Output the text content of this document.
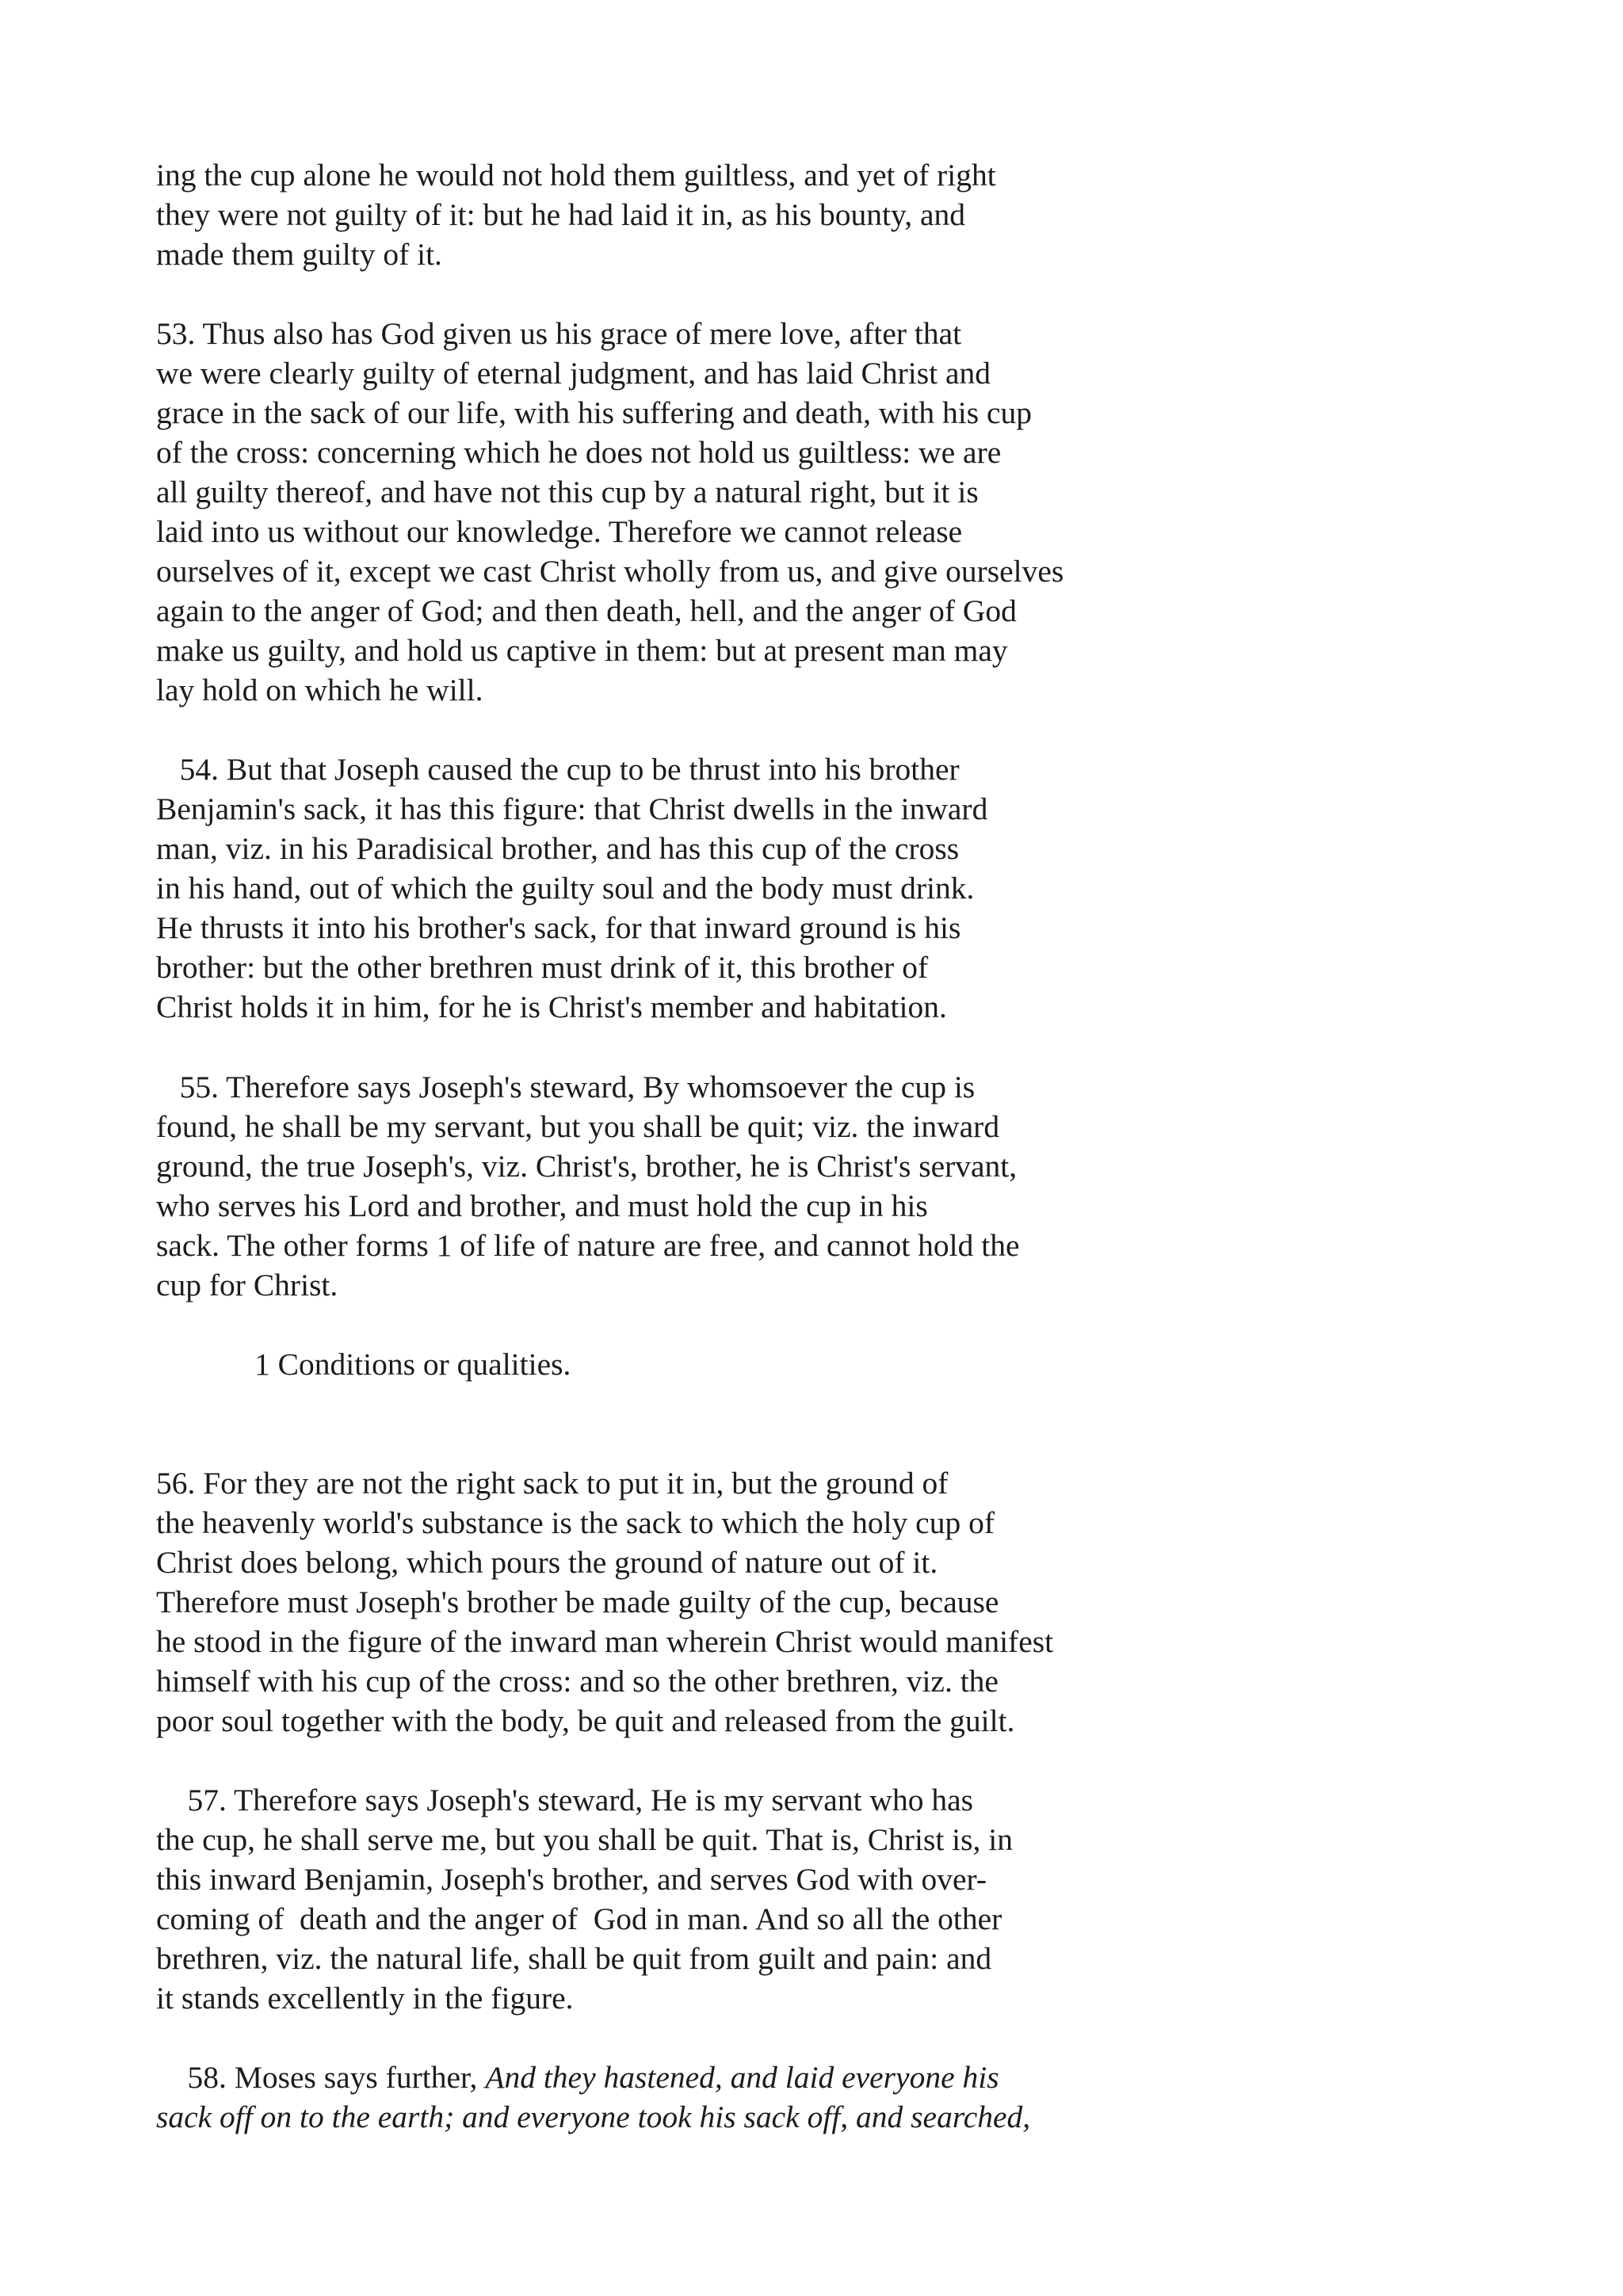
ing the cup alone he would not hold them guiltless, and yet of right
they were not guilty of it: but he had laid it in, as his bounty, and
made them guilty of it.
53. Thus also has God given us his grace of mere love, after that
we were clearly guilty of eternal judgment, and has laid Christ and
grace in the sack of our life, with his suffering and death, with his cup
of the cross: concerning which he does not hold us guiltless: we are
all guilty thereof, and have not this cup by a natural right, but it is
laid into us without our knowledge. Therefore we cannot release
ourselves of it, except we cast Christ wholly from us, and give ourselves
again to the anger of God; and then death, hell, and the anger of God
make us guilty, and hold us captive in them: but at present man may
lay hold on which he will.
54. But that Joseph caused the cup to be thrust into his brother
Benjamin's sack, it has this figure: that Christ dwells in the inward
man, viz. in his Paradisical brother, and has this cup of the cross
in his hand, out of which the guilty soul and the body must drink.
He thrusts it into his brother's sack, for that inward ground is his
brother: but the other brethren must drink of it, this brother of
Christ holds it in him, for he is Christ's member and habitation.
55. Therefore says Joseph's steward, By whomsoever the cup is
found, he shall be my servant, but you shall be quit; viz. the inward
ground, the true Joseph's, viz. Christ's, brother, he is Christ's servant,
who serves his Lord and brother, and must hold the cup in his
sack. The other forms 1 of life of nature are free, and cannot hold the
cup for Christ.
1 Conditions or qualities.
56. For they are not the right sack to put it in, but the ground of
the heavenly world's substance is the sack to which the holy cup of
Christ does belong, which pours the ground of nature out of it.
Therefore must Joseph's brother be made guilty of the cup, because
he stood in the figure of the inward man wherein Christ would manifest
himself with his cup of the cross: and so the other brethren, viz. the
poor soul together with the body, be quit and released from the guilt.
57. Therefore says Joseph's steward, He is my servant who has
the cup, he shall serve me, but you shall be quit. That is, Christ is, in
this inward Benjamin, Joseph's brother, and serves God with over-
coming of  death and the anger of  God in man. And so all the other
brethren, viz. the natural life, shall be quit from guilt and pain: and
it stands excellently in the figure.
58. Moses says further, And they hastened, and laid everyone his
sack off on to the earth; and everyone took his sack off, and searched,
